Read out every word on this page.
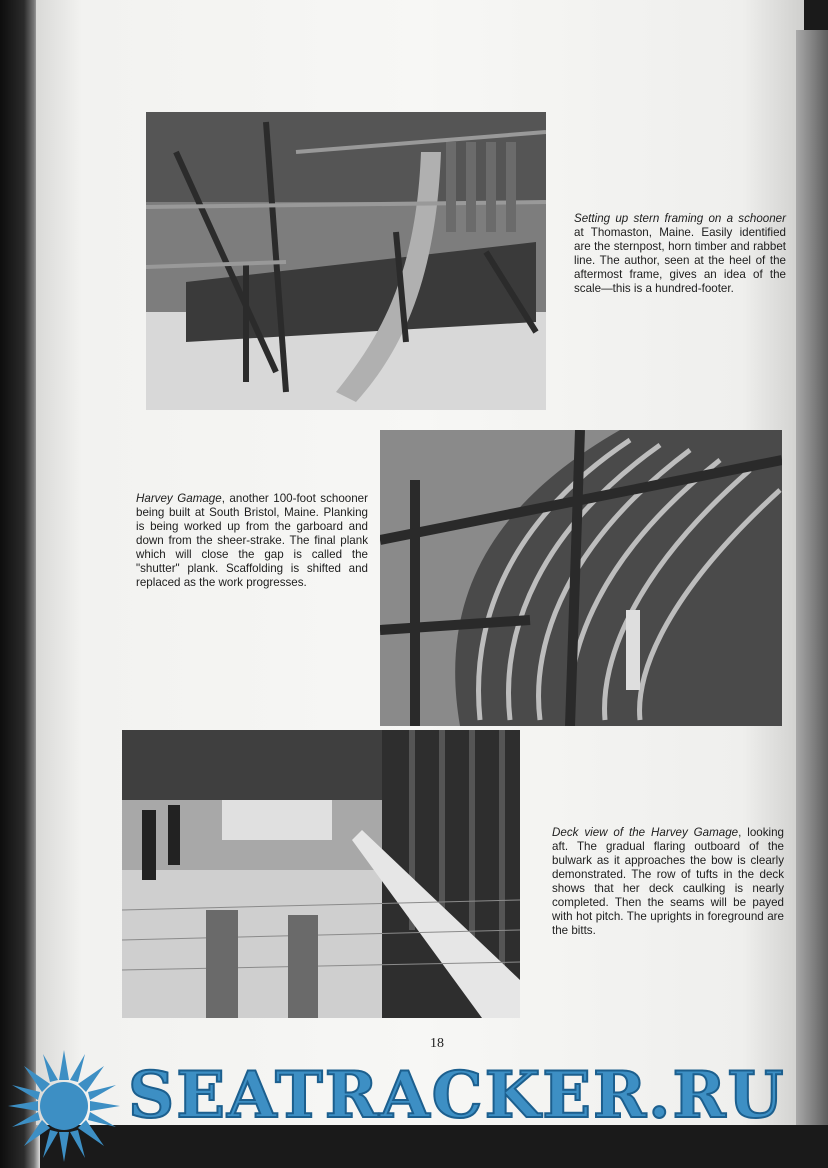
Setting up stern framing on a schooner at Thomaston, Maine. Easily identified are the sternpost, horn timber and rabbet line. The author, seen at the heel of the aftermost frame, gives an idea of the scale—this is a hundred-footer.
Harvey Gamage, another 100-foot schooner being built at South Bristol, Maine. Planking is being worked up from the garboard and down from the sheer-strake. The final plank which will close the gap is called the "shutter" plank. Scaffolding is shifted and replaced as the work progresses.
Deck view of the Harvey Gamage, looking aft. The gradual flaring outboard of the bulwark as it approaches the bow is clearly demonstrated. The row of tufts in the deck shows that her deck caulking is nearly completed. Then the seams will be payed with hot pitch. The uprights in foreground are the bitts.
18
SEATRACKER.RU
